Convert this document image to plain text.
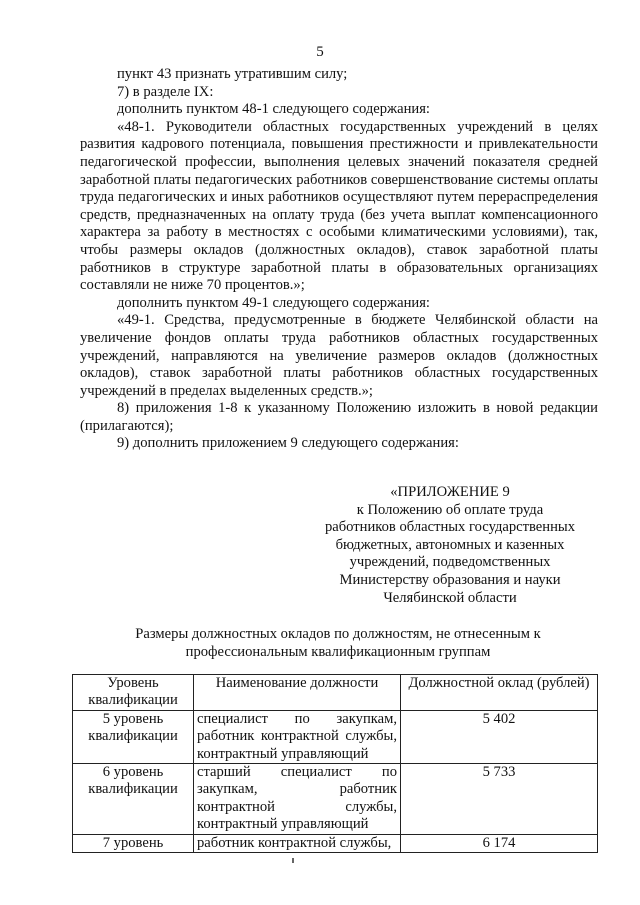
5

пункт 43 признать утратившим силу;

7) в разделе IX:

дополнить пунктом 48-1 следующего содержания:

«48-1. Руководители областных государственных учреждений в целях развития кадрового потенциала, повышения престижности и привлекательности педагогической профессии, выполнения целевых значений показателя средней заработной платы педагогических работников совершенствование системы оплаты труда педагогических и иных работников осуществляют путем перераспределения средств, предназначенных на оплату труда (без учета выплат компенсационного характера за работу в местностях с особыми климатическими условиями), так, чтобы размеры окладов (должностных окладов), ставок заработной платы работников в структуре заработной платы в образовательных организациях составляли не ниже 70 процентов.»;

дополнить пунктом 49-1 следующего содержания:

«49-1. Средства, предусмотренные в бюджете Челябинской области на увеличение фондов оплаты труда работников областных государственных учреждений, направляются на увеличение размеров окладов (должностных окладов), ставок заработной платы работников областных государственных учреждений в пределах выделенных средств.»;

8) приложения 1-8 к указанному Положению изложить в новой редакции (прилагаются);

9) дополнить приложением 9 следующего содержания:

«ПРИЛОЖЕНИЕ 9
к Положению об оплате труда
работников областных государственных
бюджетных, автономных и казенных
учреждений, подведомственных
Министерству образования и науки
Челябинской области
Размеры должностных окладов по должностям, не отнесенным к профессиональным квалификационным группам
Уровень квалификации	Наименование должности	Должностной оклад (рублей)
5 уровень квалификации	специалист по закупкам, работник контрактной службы, контрактный управляющий	5 402
6 уровень квалификации	старший специалист по закупкам, работник контрактной службы, контрактный управляющий	5 733
7 уровень	работник контрактной службы,	6 174
